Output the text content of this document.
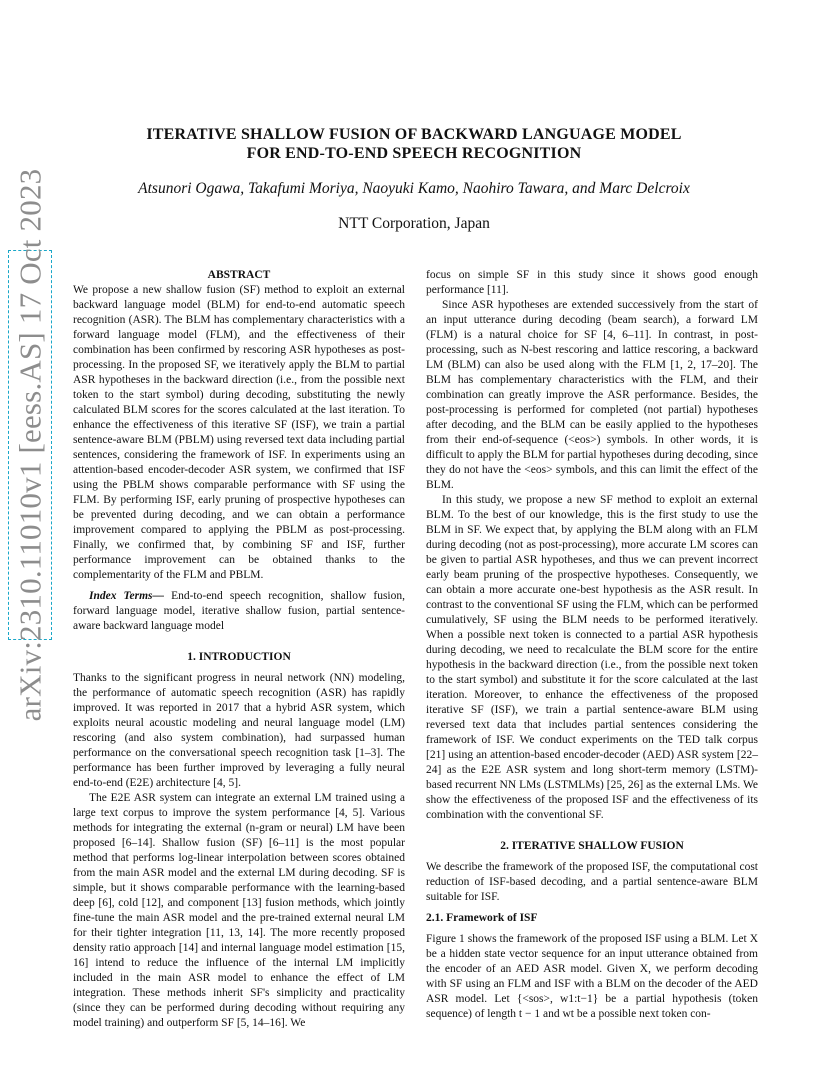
arXiv:2310.11010v1 [eess.AS] 17 Oct 2023
ITERATIVE SHALLOW FUSION OF BACKWARD LANGUAGE MODEL
FOR END-TO-END SPEECH RECOGNITION
Atsunori Ogawa, Takafumi Moriya, Naoyuki Kamo, Naohiro Tawara, and Marc Delcroix
NTT Corporation, Japan

ABSTRACT

We propose a new shallow fusion (SF) method to exploit an external backward language model (BLM) for end-to-end automatic speech recognition (ASR). The BLM has complementary characteristics with a forward language model (FLM), and the effectiveness of their combination has been confirmed by rescoring ASR hypotheses as post-processing. In the proposed SF, we iteratively apply the BLM to partial ASR hypotheses in the backward direction (i.e., from the possible next token to the start symbol) during decoding, substituting the newly calculated BLM scores for the scores calculated at the last iteration. To enhance the effectiveness of this iterative SF (ISF), we train a partial sentence-aware BLM (PBLM) using reversed text data including partial sentences, considering the framework of ISF. In experiments using an attention-based encoder-decoder ASR system, we confirmed that ISF using the PBLM shows comparable performance with SF using the FLM. By performing ISF, early pruning of prospective hypotheses can be prevented during decoding, and we can obtain a performance improvement compared to applying the PBLM as post-processing. Finally, we confirmed that, by combining SF and ISF, further performance improvement can be obtained thanks to the complementarity of the FLM and PBLM.

Index Terms— End-to-end speech recognition, shallow fusion, forward language model, iterative shallow fusion, partial sentence-aware backward language model

1. INTRODUCTION

Thanks to the significant progress in neural network (NN) modeling, the performance of automatic speech recognition (ASR) has rapidly improved. It was reported in 2017 that a hybrid ASR system, which exploits neural acoustic modeling and neural language model (LM) rescoring (and also system combination), had surpassed human performance on the conversational speech recognition task [1–3]. The performance has been further improved by leveraging a fully neural end-to-end (E2E) architecture [4, 5].

The E2E ASR system can integrate an external LM trained using a large text corpus to improve the system performance [4, 5]. Various methods for integrating the external (n-gram or neural) LM have been proposed [6–14]. Shallow fusion (SF) [6–11] is the most popular method that performs log-linear interpolation between scores obtained from the main ASR model and the external LM during decoding. SF is simple, but it shows comparable performance with the learning-based deep [6], cold [12], and component [13] fusion methods, which jointly fine-tune the main ASR model and the pre-trained external neural LM for their tighter integration [11, 13, 14]. The more recently proposed density ratio approach [14] and internal language model estimation [15, 16] intend to reduce the influence of the internal LM implicitly included in the main ASR model to enhance the effect of LM integration. These methods inherit SF's simplicity and practicality (since they can be performed during decoding without requiring any model training) and outperform SF [5, 14–16]. We

focus on simple SF in this study since it shows good enough performance [11].

Since ASR hypotheses are extended successively from the start of an input utterance during decoding (beam search), a forward LM (FLM) is a natural choice for SF [4, 6–11]. In contrast, in post-processing, such as N-best rescoring and lattice rescoring, a backward LM (BLM) can also be used along with the FLM [1, 2, 17–20]. The BLM has complementary characteristics with the FLM, and their combination can greatly improve the ASR performance. Besides, the post-processing is performed for completed (not partial) hypotheses after decoding, and the BLM can be easily applied to the hypotheses from their end-of-sequence (<eos>) symbols. In other words, it is difficult to apply the BLM for partial hypotheses during decoding, since they do not have the <eos> symbols, and this can limit the effect of the BLM.

In this study, we propose a new SF method to exploit an external BLM. To the best of our knowledge, this is the first study to use the BLM in SF. We expect that, by applying the BLM along with an FLM during decoding (not as post-processing), more accurate LM scores can be given to partial ASR hypotheses, and thus we can prevent incorrect early beam pruning of the prospective hypotheses. Consequently, we can obtain a more accurate one-best hypothesis as the ASR result. In contrast to the conventional SF using the FLM, which can be performed cumulatively, SF using the BLM needs to be performed iteratively. When a possible next token is connected to a partial ASR hypothesis during decoding, we need to recalculate the BLM score for the entire hypothesis in the backward direction (i.e., from the possible next token to the start symbol) and substitute it for the score calculated at the last iteration. Moreover, to enhance the effectiveness of the proposed iterative SF (ISF), we train a partial sentence-aware BLM using reversed text data that includes partial sentences considering the framework of ISF. We conduct experiments on the TED talk corpus [21] using an attention-based encoder-decoder (AED) ASR system [22–24] as the E2E ASR system and long short-term memory (LSTM)-based recurrent NN LMs (LSTMLMs) [25, 26] as the external LMs. We show the effectiveness of the proposed ISF and the effectiveness of its combination with the conventional SF.

2. ITERATIVE SHALLOW FUSION

We describe the framework of the proposed ISF, the computational cost reduction of ISF-based decoding, and a partial sentence-aware BLM suitable for ISF.

2.1. Framework of ISF

Figure 1 shows the framework of the proposed ISF using a BLM. Let X be a hidden state vector sequence for an input utterance obtained from the encoder of an AED ASR model. Given X, we perform decoding with SF using an FLM and ISF with a BLM on the decoder of the AED ASR model. Let {<sos>, w1:t−1} be a partial hypothesis (token sequence) of length t − 1 and wt be a possible next token con-
